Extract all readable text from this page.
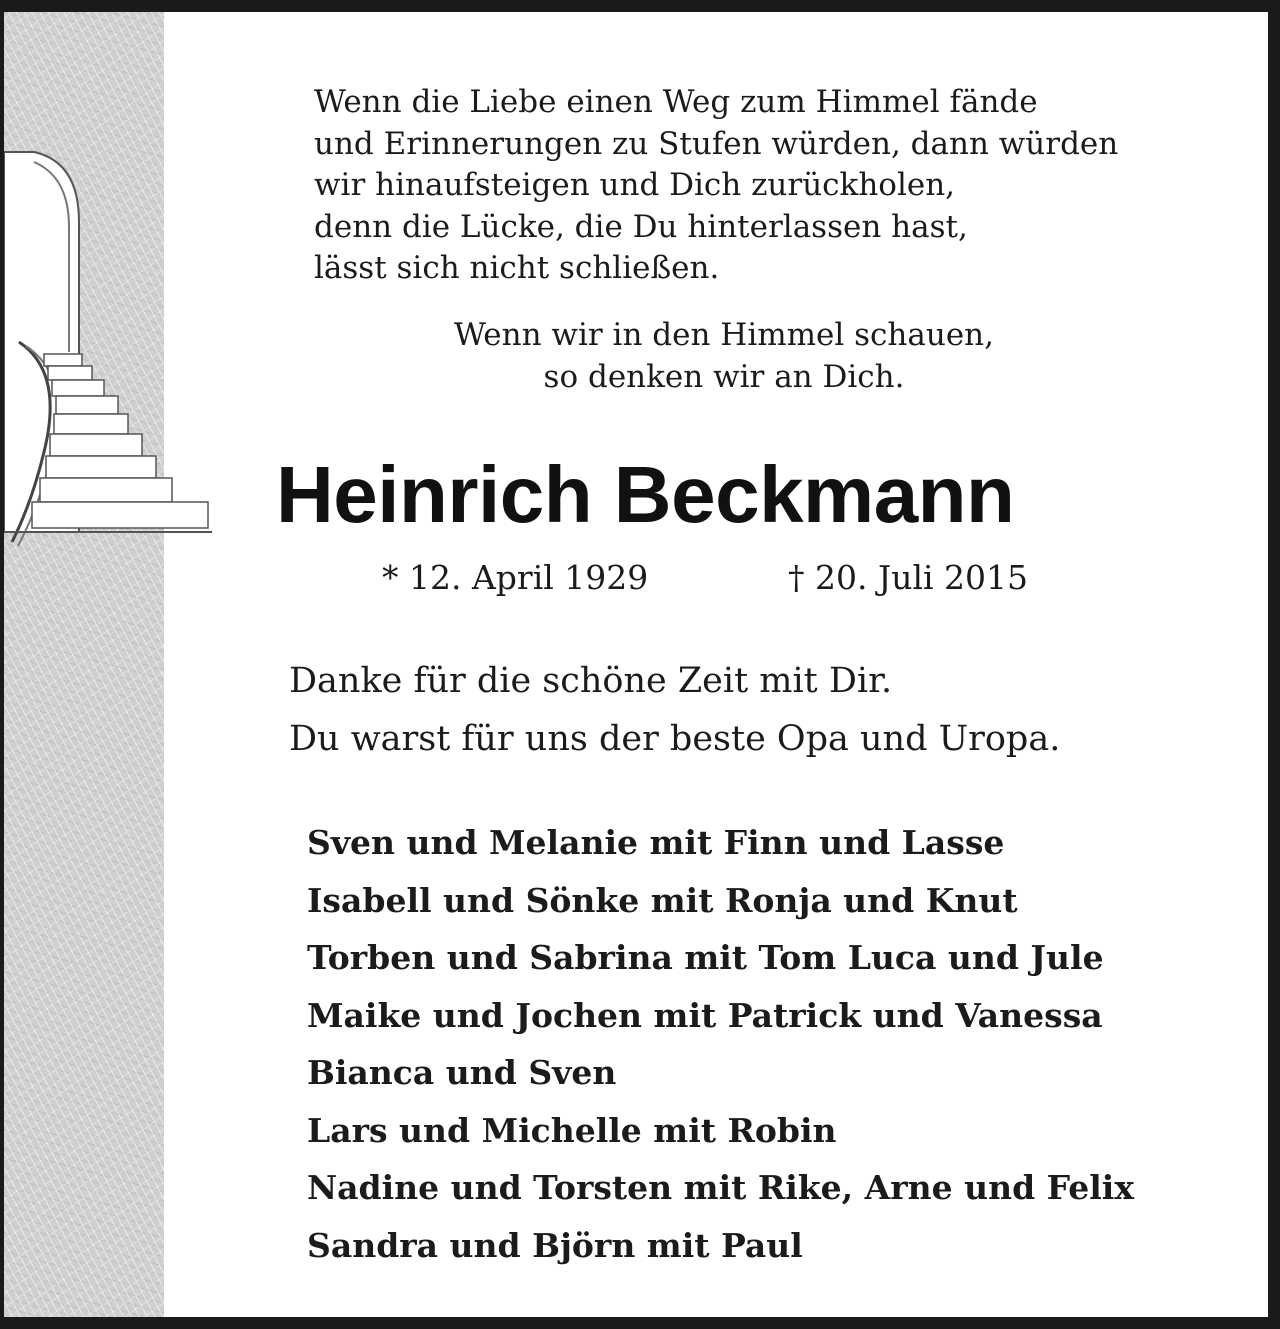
Wenn die Liebe einen Weg zum Himmel fände
und Erinnerungen zu Stufen würden, dann würden
wir hinaufsteigen und Dich zurückholen,
denn die Lücke, die Du hinterlassen hast,
lässt sich nicht schließen.
Wenn wir in den Himmel schauen,
so denken wir an Dich.
Heinrich Beckmann
* 12. April 1929	† 20. Juli 2015
Danke für die schöne Zeit mit Dir.
Du warst für uns der beste Opa und Uropa.
Sven und Melanie mit Finn und Lasse
Isabell und Sönke mit Ronja und Knut
Torben und Sabrina mit Tom Luca und Jule
Maike und Jochen mit Patrick und Vanessa
Bianca und Sven
Lars und Michelle mit Robin
Nadine und Torsten mit Rike, Arne und Felix
Sandra und Björn mit Paul
